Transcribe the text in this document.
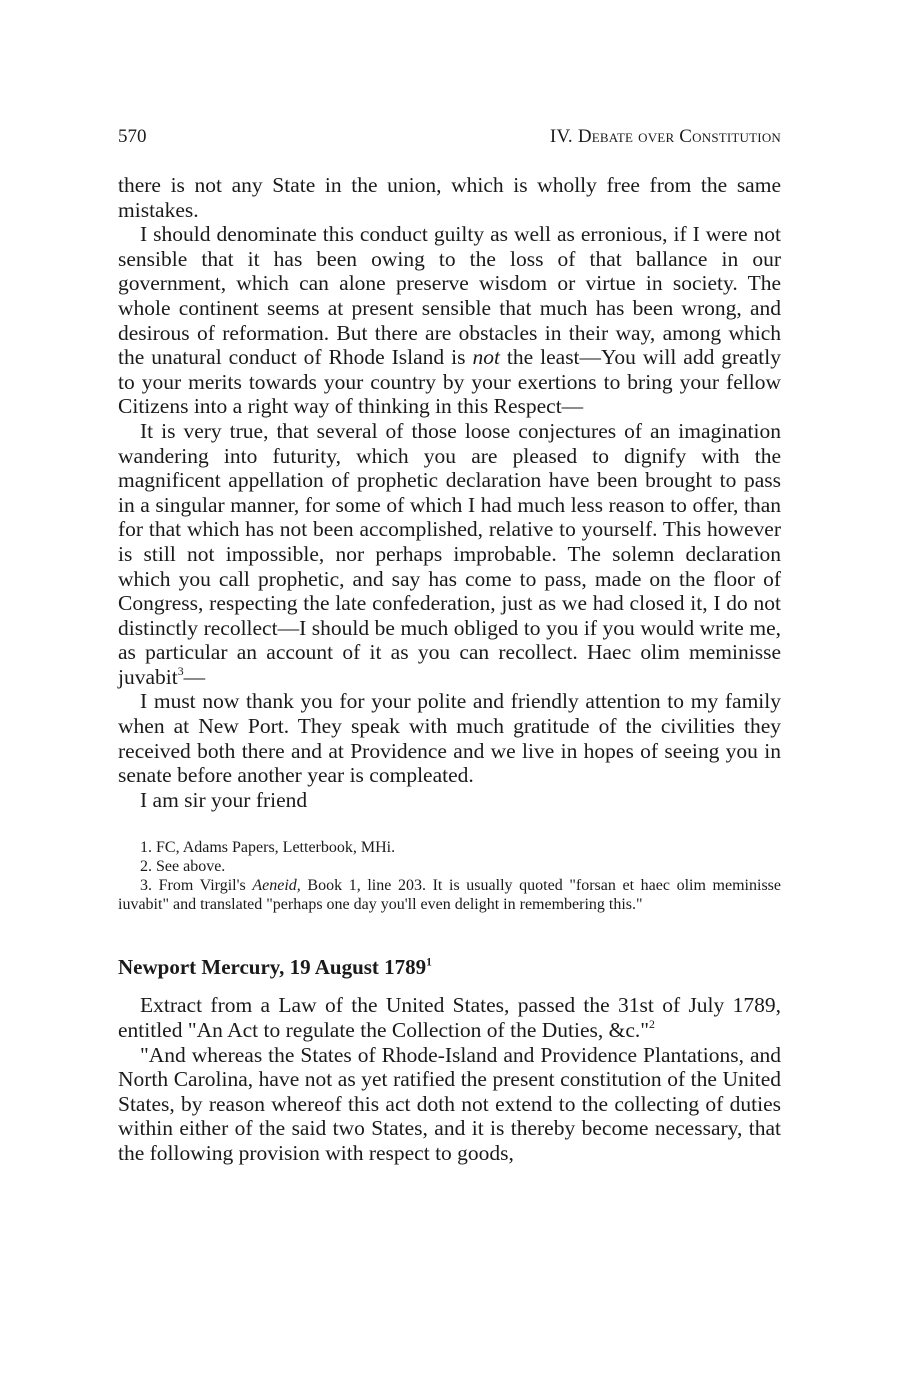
570	IV. Debate over Constitution

there is not any State in the union, which is wholly free from the same mistakes.

I should denominate this conduct guilty as well as erronious, if I were not sensible that it has been owing to the loss of that ballance in our government, which can alone preserve wisdom or virtue in society. The whole continent seems at present sensible that much has been wrong, and desirous of reformation. But there are obstacles in their way, among which the unatural conduct of Rhode Island is not the least—You will add greatly to your merits towards your country by your exertions to bring your fellow Citizens into a right way of thinking in this Respect—

It is very true, that several of those loose conjectures of an imagination wandering into futurity, which you are pleased to dignify with the magnificent appellation of prophetic declaration have been brought to pass in a singular manner, for some of which I had much less reason to offer, than for that which has not been accomplished, relative to yourself. This however is still not impossible, nor perhaps improbable. The solemn declaration which you call prophetic, and say has come to pass, made on the floor of Congress, respecting the late confederation, just as we had closed it, I do not distinctly recollect—I should be much obliged to you if you would write me, as particular an account of it as you can recollect. Haec olim meminisse juvabit$^3$—

I must now thank you for your polite and friendly attention to my family when at New Port. They speak with much gratitude of the civilities they received both there and at Providence and we live in hopes of seeing you in senate before another year is compleated.

I am sir your friend

1. FC, Adams Papers, Letterbook, MHi.

2. See above.

3. From Virgil's Aeneid, Book 1, line 203. It is usually quoted "forsan et haec olim meminisse iuvabit" and translated "perhaps one day you'll even delight in remembering this."

Newport Mercury, 19 August 1789$^1$

Extract from a Law of the United States, passed the 31st of July 1789, entitled "An Act to regulate the Collection of the Duties, &c."$^2$

"And whereas the States of Rhode-Island and Providence Plantations, and North Carolina, have not as yet ratified the present constitution of the United States, by reason whereof this act doth not extend to the collecting of duties within either of the said two States, and it is thereby become necessary, that the following provision with respect to goods,
